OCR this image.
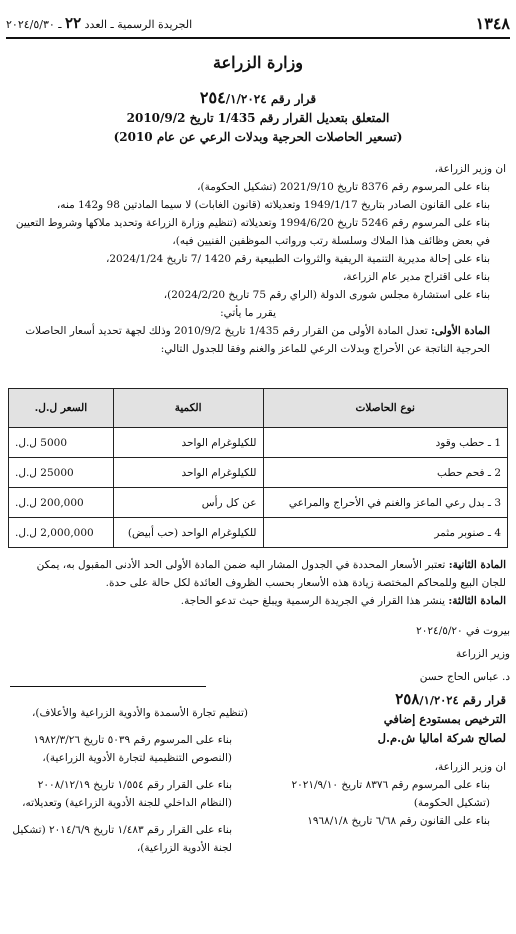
١٣٤٨
الجريدة الرسمية ـ العدد ٢٢ ـ ٢٠٢٤/٥/٣٠
وزارة الزراعة
قرار رقم ٢٥٤/١/٢٠٢٤
المتعلق بتعديل القرار رقم 1/435 تاريخ 2010/9/2
(تسعير الحاصلات الحرجية وبدلات الرعي عن عام 2010)

ان وزير الزراعة،

بناء على المرسوم رقم 8376 تاريخ 2021/9/10 (تشكيل الحكومة)،

بناء على القانون الصادر بتاريخ 1949/1/17 وتعديلاته (قانون الغابات) لا سيما المادتين 98 و142 منه،

بناء على المرسوم رقم 5246 تاريخ 1994/6/20 وتعديلاته (تنظيم وزارة الزراعة وتحديد ملاكها وشروط التعيين في بعض وظائف هذا الملاك وسلسلة رتب ورواتب الموظفين الفنيين فيه)،

بناء على إحالة مديرية التنمية الريفية والثروات الطبيعية رقم 1420 /7 تاريخ 2024/1/24،

بناء على اقتراح مدير عام الزراعة،

بناء على استشارة مجلس شورى الدولة (الراي رقم 75 تاريخ 2024/2/20)،

يقرر ما يأتي:

المادة الأولى: تعدل المادة الأولى من القرار رقم 1/435 تاريخ 2010/9/2 وذلك لجهة تحديد أسعار الحاصلات الحرجية الناتجة عن الأحراج وبدلات الرعي للماعز والغنم وفقا للجدول التالي:

نوع الحاصلات	الكمية	السعر ل.ل.
1 ـ حطب وقود	للكيلوغرام الواحد	5000 ل.ل.
2 ـ فحم حطب	للكيلوغرام الواحد	25000 ل.ل.
3 ـ بدل رعي الماعز والغنم في الأحراج والمراعي	عن كل رأس	200,000 ل.ل.
4 ـ صنوبر مثمر	للكيلوغرام الواحد (حب أبيض)	2,000,000 ل.ل.

المادة الثانية: تعتبر الأسعار المحددة في الجدول المشار اليه ضمن المادة الأولى الحد الأدنى المقبول به، يمكن للجان البيع وللمحاكم المختصة زيادة هذه الأسعار بحسب الظروف العائدة لكل حالة على حدة.

المادة الثالثة: ينشر هذا القرار في الجريدة الرسمية ويبلغ حيث تدعو الحاجة.

بيروت في ٢٠٢٤/٥/٢٠

وزير الزراعة

د. عباس الحاج حسن

قرار رقم ٢٥٨/١/٢٠٢٤

الترخيص بمستودع إضافي

لصالح شركة اماليا ش.م.ل

ان وزير الزراعة،

بناء على المرسوم رقم ٨٣٧٦ تاريخ ٢٠٢١/٩/١٠ (تشكيل الحكومة)

بناء على القانون رقم ٦/٦٨ تاريخ ١٩٦٨/١/٨

(تنظيم تجارة الأسمدة والأدوية الزراعية والأعلاف)،

بناء على المرسوم رقم ٥٠٣٩ تاريخ ١٩٨٢/٣/٢٦ (النصوص التنظيمية لتجارة الأدوية الزراعية)،

بناء على القرار رقم ١/٥٥٤ تاريخ ٢٠٠٨/١٢/١٩ (النظام الداخلي للجنة الأدوية الزراعية) وتعديلاته،

بناء على القرار رقم ١/٤٨٣ تاريخ ٢٠١٤/٦/٩ (تشكيل لجنة الأدوية الزراعية)،
